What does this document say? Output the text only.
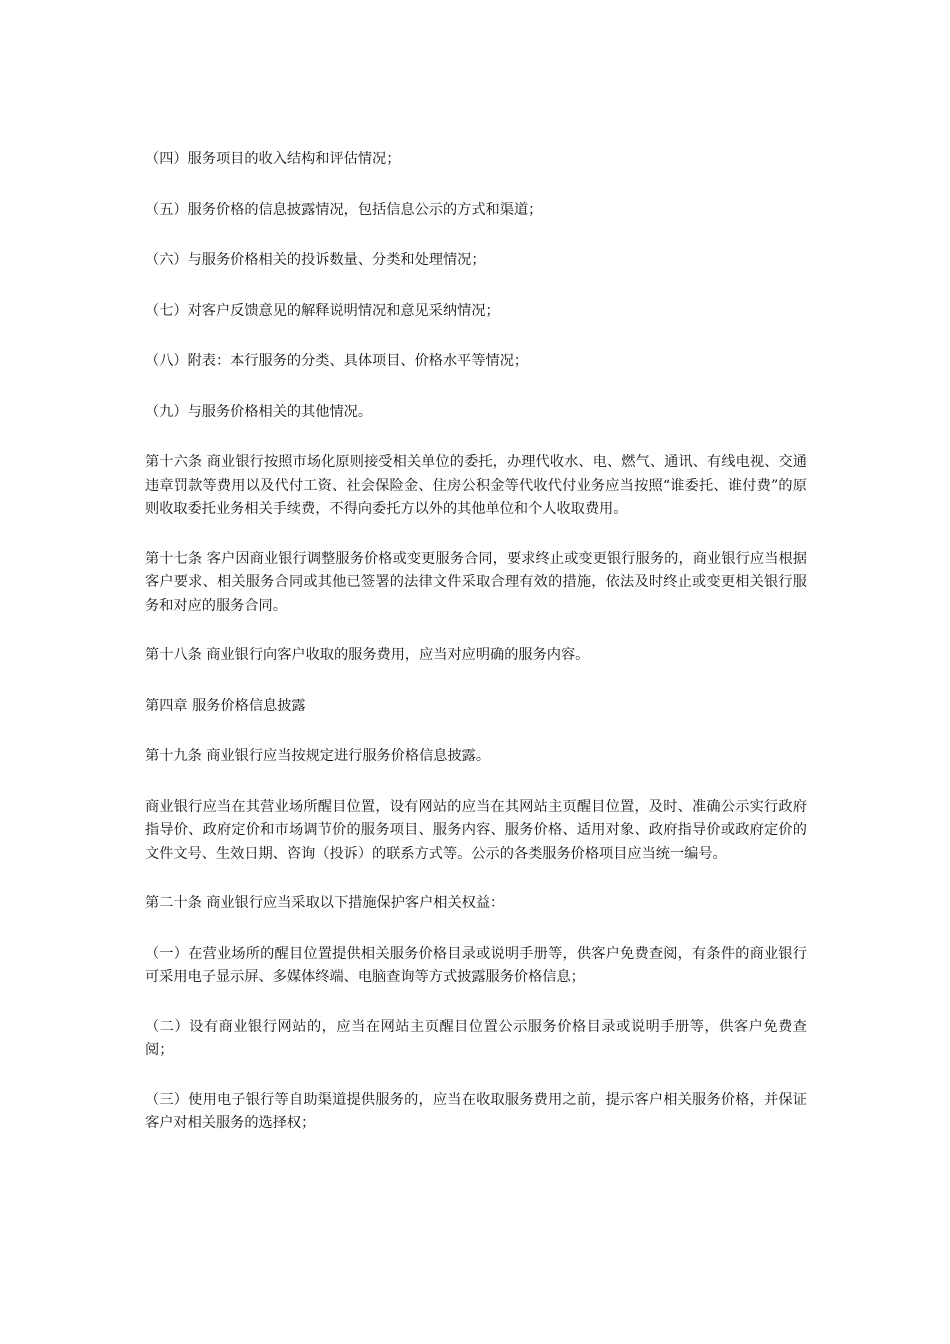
（四）服务项目的收入结构和评估情况；

（五）服务价格的信息披露情况，包括信息公示的方式和渠道；

（六）与服务价格相关的投诉数量、分类和处理情况；

（七）对客户反馈意见的解释说明情况和意见采纳情况；

（八）附表：本行服务的分类、具体项目、价格水平等情况；

（九）与服务价格相关的其他情况。

第十六条 商业银行按照市场化原则接受相关单位的委托，办理代收水、电、燃气、通讯、有线电视、交通违章罚款等费用以及代付工资、社会保险金、住房公积金等代收代付业务应当按照“谁委托、谁付费”的原则收取委托业务相关手续费，不得向委托方以外的其他单位和个人收取费用。

第十七条 客户因商业银行调整服务价格或变更服务合同，要求终止或变更银行服务的，商业银行应当根据客户要求、相关服务合同或其他已签署的法律文件采取合理有效的措施，依法及时终止或变更相关银行服务和对应的服务合同。

第十八条 商业银行向客户收取的服务费用，应当对应明确的服务内容。

第四章 服务价格信息披露

第十九条 商业银行应当按规定进行服务价格信息披露。

商业银行应当在其营业场所醒目位置，设有网站的应当在其网站主页醒目位置，及时、准确公示实行政府指导价、政府定价和市场调节价的服务项目、服务内容、服务价格、适用对象、政府指导价或政府定价的文件文号、生效日期、咨询（投诉）的联系方式等。公示的各类服务价格项目应当统一编号。

第二十条 商业银行应当采取以下措施保护客户相关权益：

（一）在营业场所的醒目位置提供相关服务价格目录或说明手册等，供客户免费查阅，有条件的商业银行可采用电子显示屏、多媒体终端、电脑查询等方式披露服务价格信息；

（二）设有商业银行网站的，应当在网站主页醒目位置公示服务价格目录或说明手册等，供客户免费查阅；

（三）使用电子银行等自助渠道提供服务的，应当在收取服务费用之前，提示客户相关服务价格，并保证客户对相关服务的选择权；
